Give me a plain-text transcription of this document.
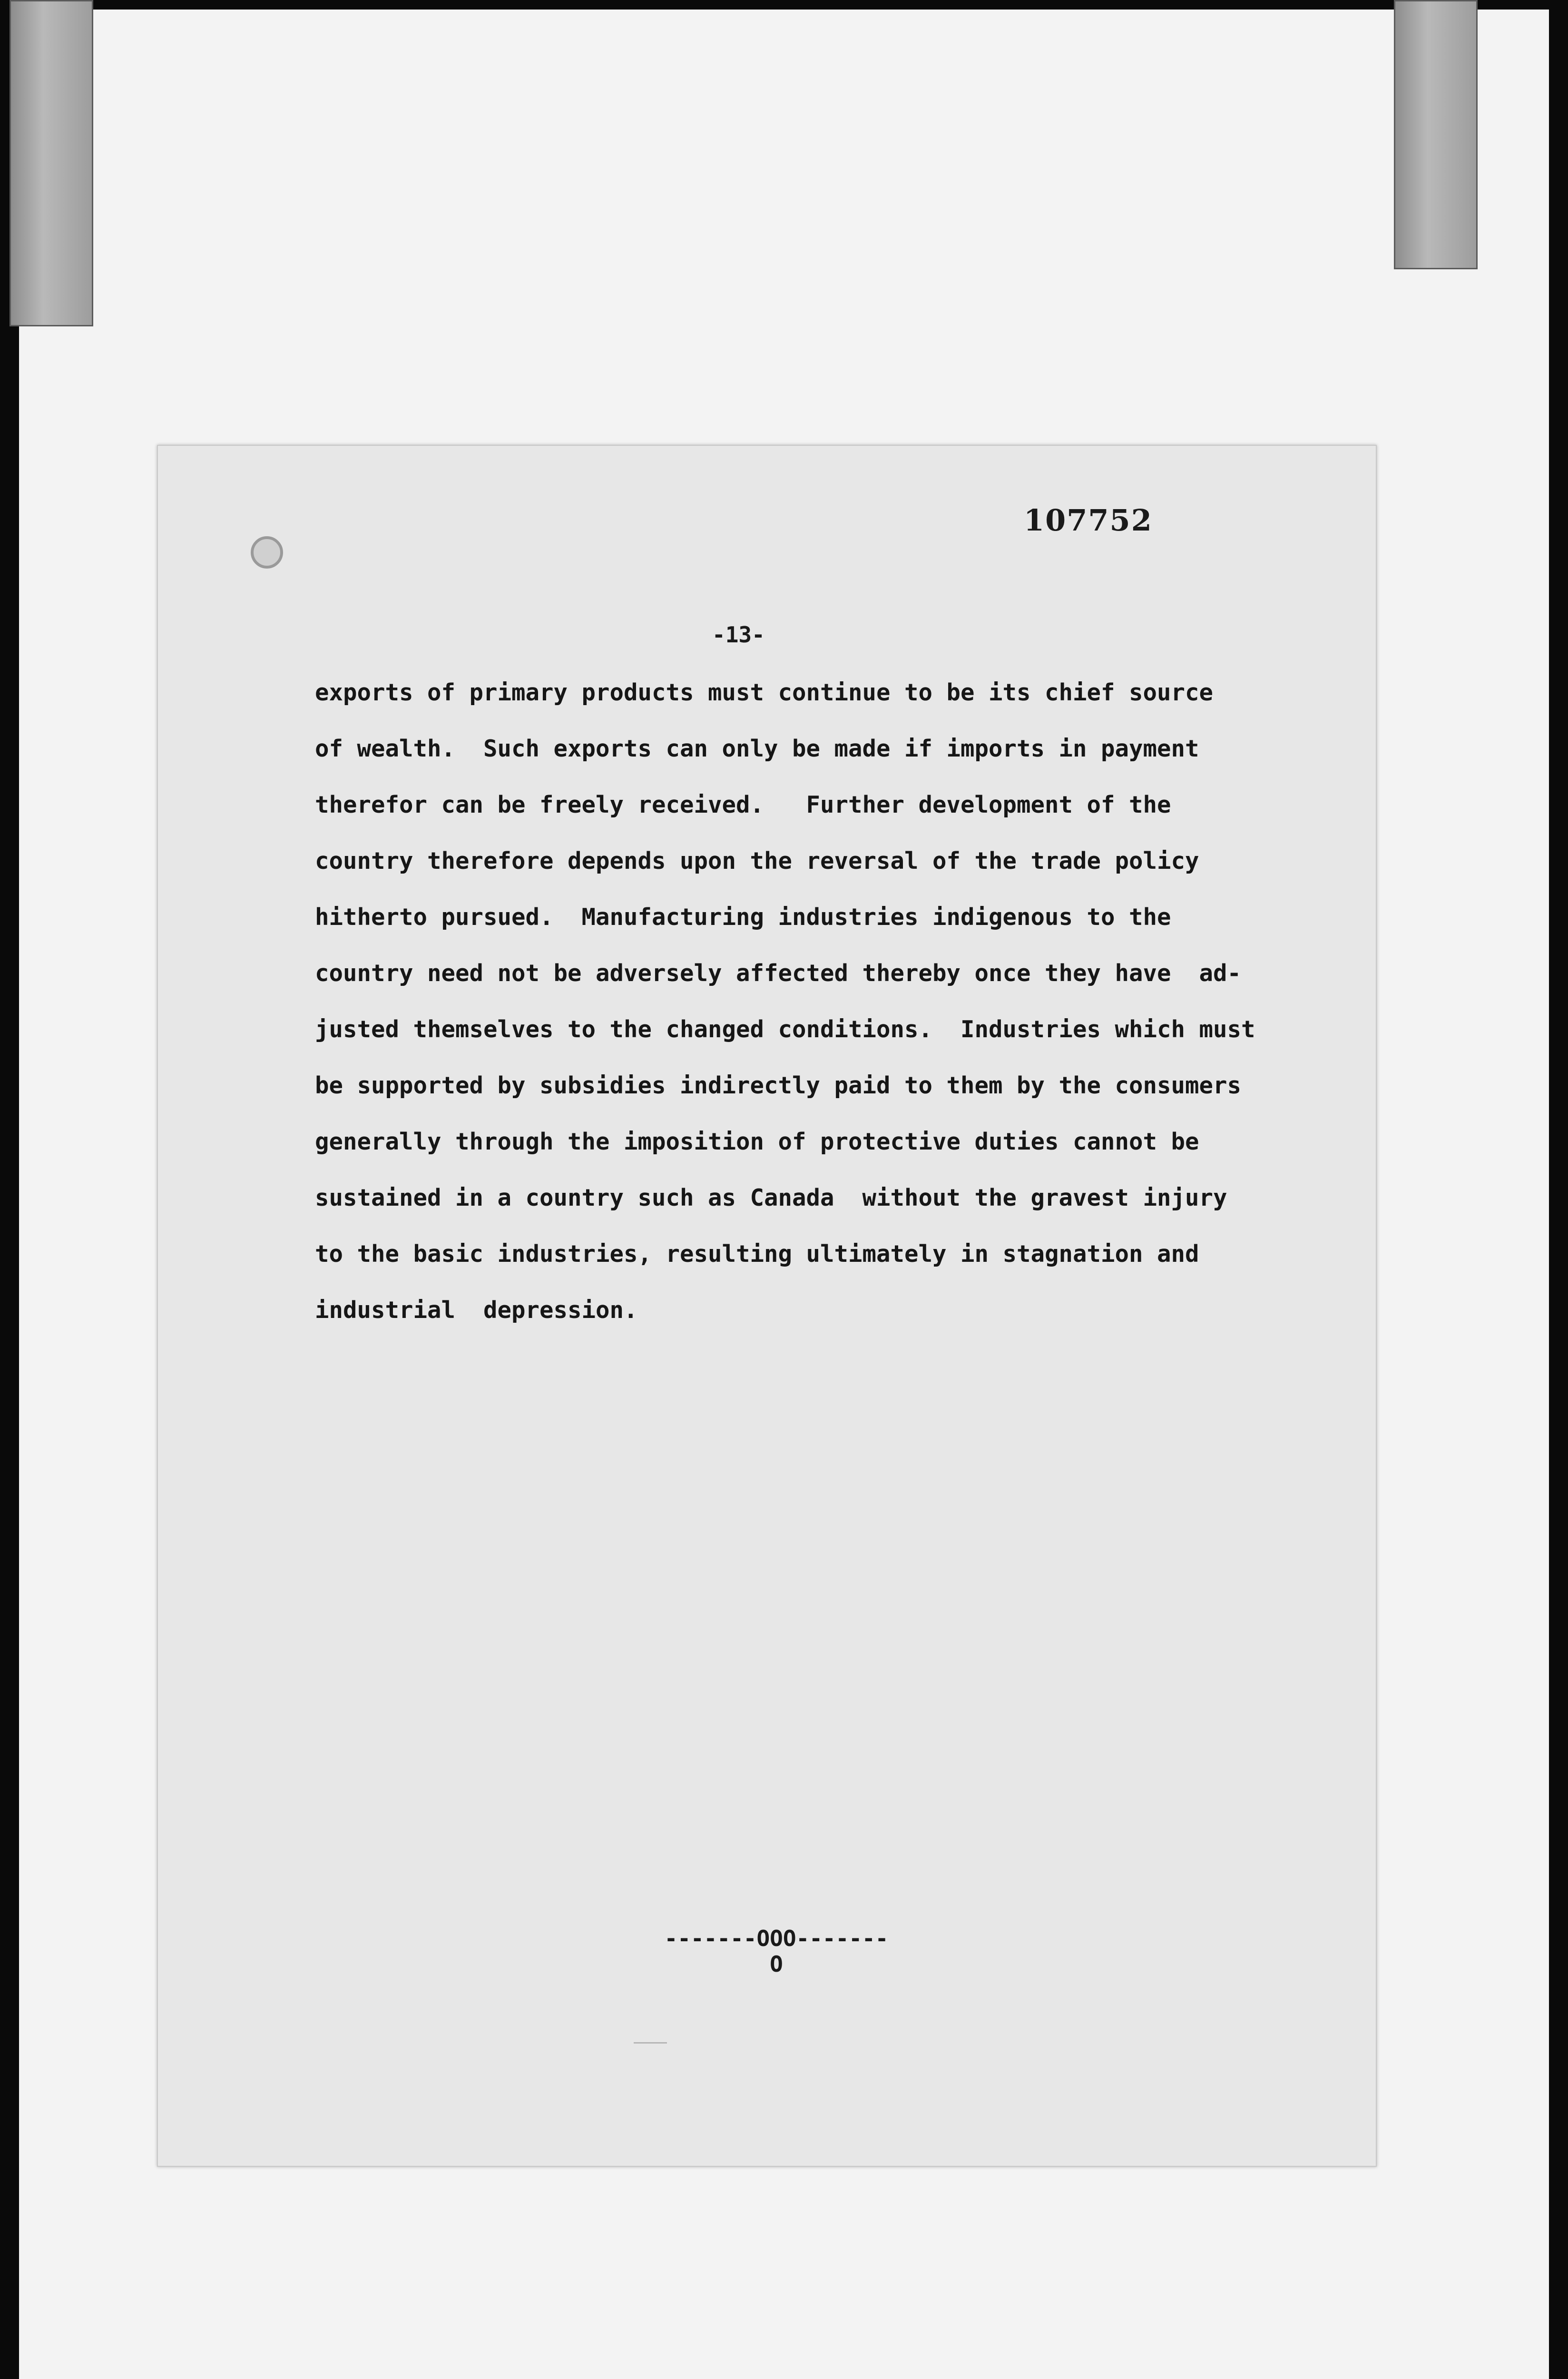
107752
-13-
exports of primary products must continue to be its chief source
of wealth.  Such exports can only be made if imports in payment
therefor can be freely received.   Further development of the
country therefore depends upon the reversal of the trade policy
hitherto pursued.  Manufacturing industries indigenous to the
country need not be adversely affected thereby once they have  ad-
justed themselves to the changed conditions.  Industries which must
be supported by subsidies indirectly paid to them by the consumers
generally through the imposition of protective duties cannot be
sustained in a country such as Canada  without the gravest injury
to the basic industries, resulting ultimately in stagnation and
industrial  depression.
-------OOO-------
O
